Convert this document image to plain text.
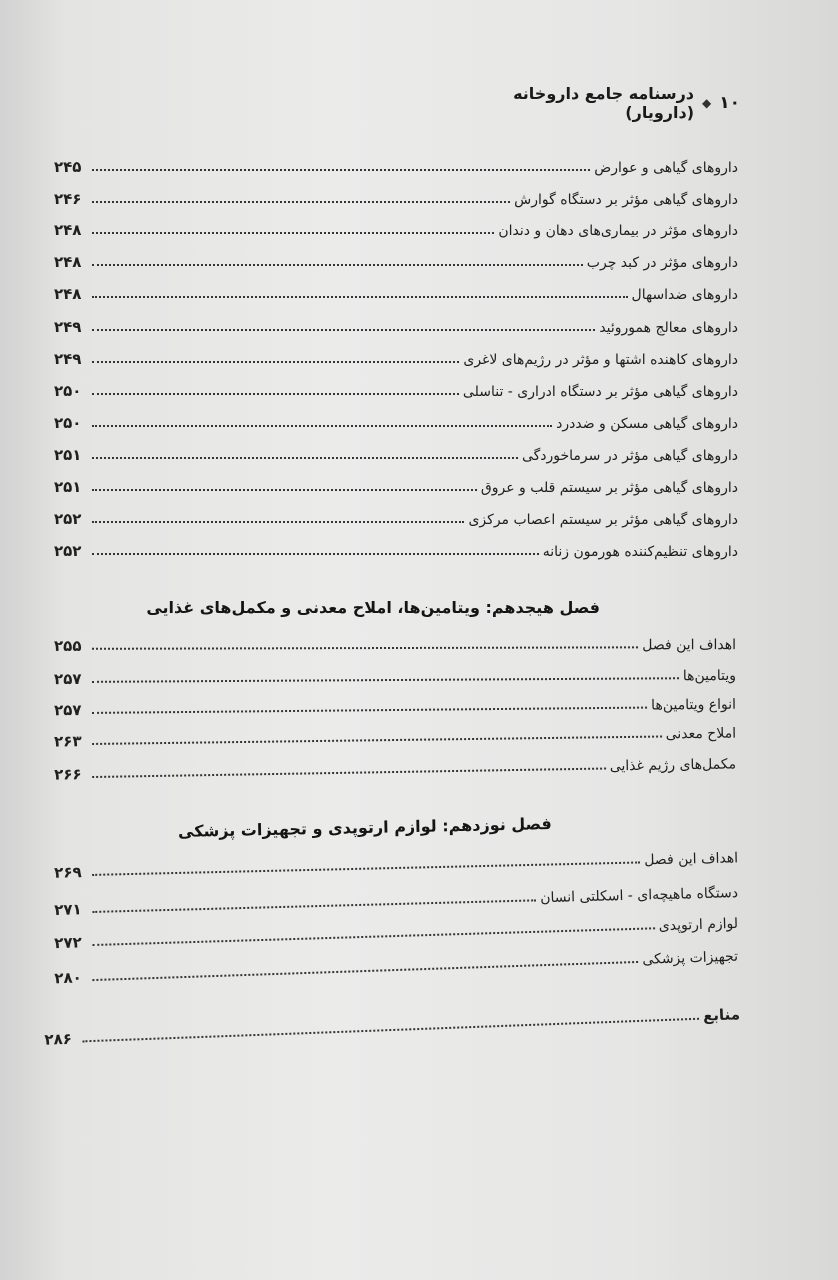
۱۰
◆
درسنامه جامع داروخانه (دارویار)
داروهای گیاهی و عوارض
۲۴۵
داروهای گیاهی مؤثر بر دستگاه گوارش
۲۴۶
داروهای مؤثر در بیماری‌های دهان و دندان
۲۴۸
داروهای مؤثر در کبد چرب
۲۴۸
داروهای ضداسهال
۲۴۸
داروهای معالج هموروئید
۲۴۹
داروهای کاهنده اشتها و مؤثر در رژیم‌های لاغری
۲۴۹
داروهای گیاهی مؤثر بر دستگاه ادراری - تناسلی
۲۵۰
داروهای گیاهی مسکن و ضددرد
۲۵۰
داروهای گیاهی مؤثر در سرماخوردگی
۲۵۱
داروهای گیاهی مؤثر بر سیستم قلب و عروق
۲۵۱
داروهای گیاهی مؤثر بر سیستم اعصاب مرکزی
۲۵۲
داروهای تنظیم‌کننده هورمون زنانه
۲۵۲
فصل هیجدهم: ویتامین‌ها، املاح معدنی و مکمل‌های غذایی
اهداف این فصل
۲۵۵
ویتامین‌ها
۲۵۷
انواع ویتامین‌ها
۲۵۷
املاح معدنی
۲۶۳
مکمل‌های رژیم غذایی
۲۶۶
فصل نوزدهم: لوازم ارتوپدی و تجهیزات پزشکی
اهداف این فصل
۲۶۹
دستگاه ماهیچه‌ای - اسکلتی انسان
۲۷۱
لوازم ارتوپدی
۲۷۲
تجهیزات پزشکی
۲۸۰
منابع
۲۸۶
